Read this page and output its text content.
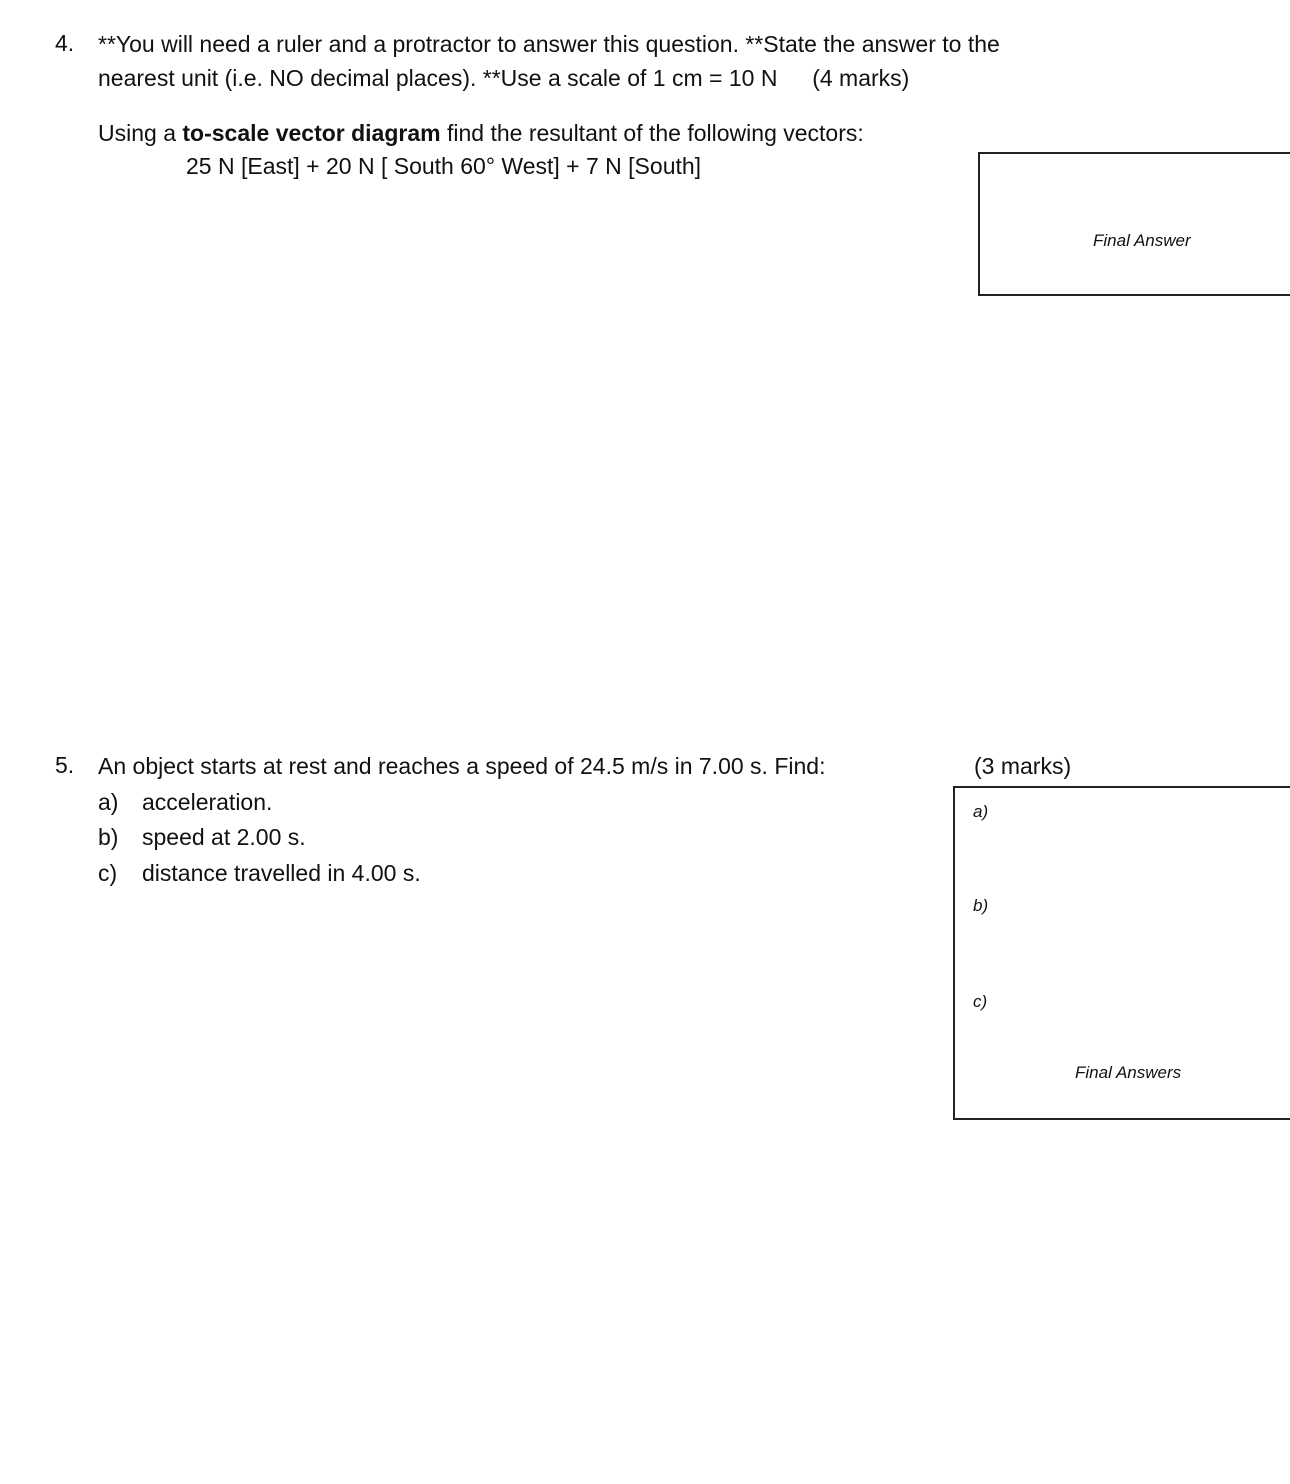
4. **You will need a ruler and a protractor to answer this question. **State the answer to the
nearest unit (i.e. NO decimal places). **Use a scale of 1 cm = 10 N (4 marks)
Using a to-scale vector diagram find the resultant of the following vectors:
25 N [East] + 20 N [ South 60° West] + 7 N [South]
Final Answer
5. An object starts at rest and reaches a speed of 24.5 m/s in 7.00 s. Find:	(3 marks)
a) acceleration.
b) speed at 2.00 s.
c) distance travelled in 4.00 s.
a)
b)
c)
Final Answers
